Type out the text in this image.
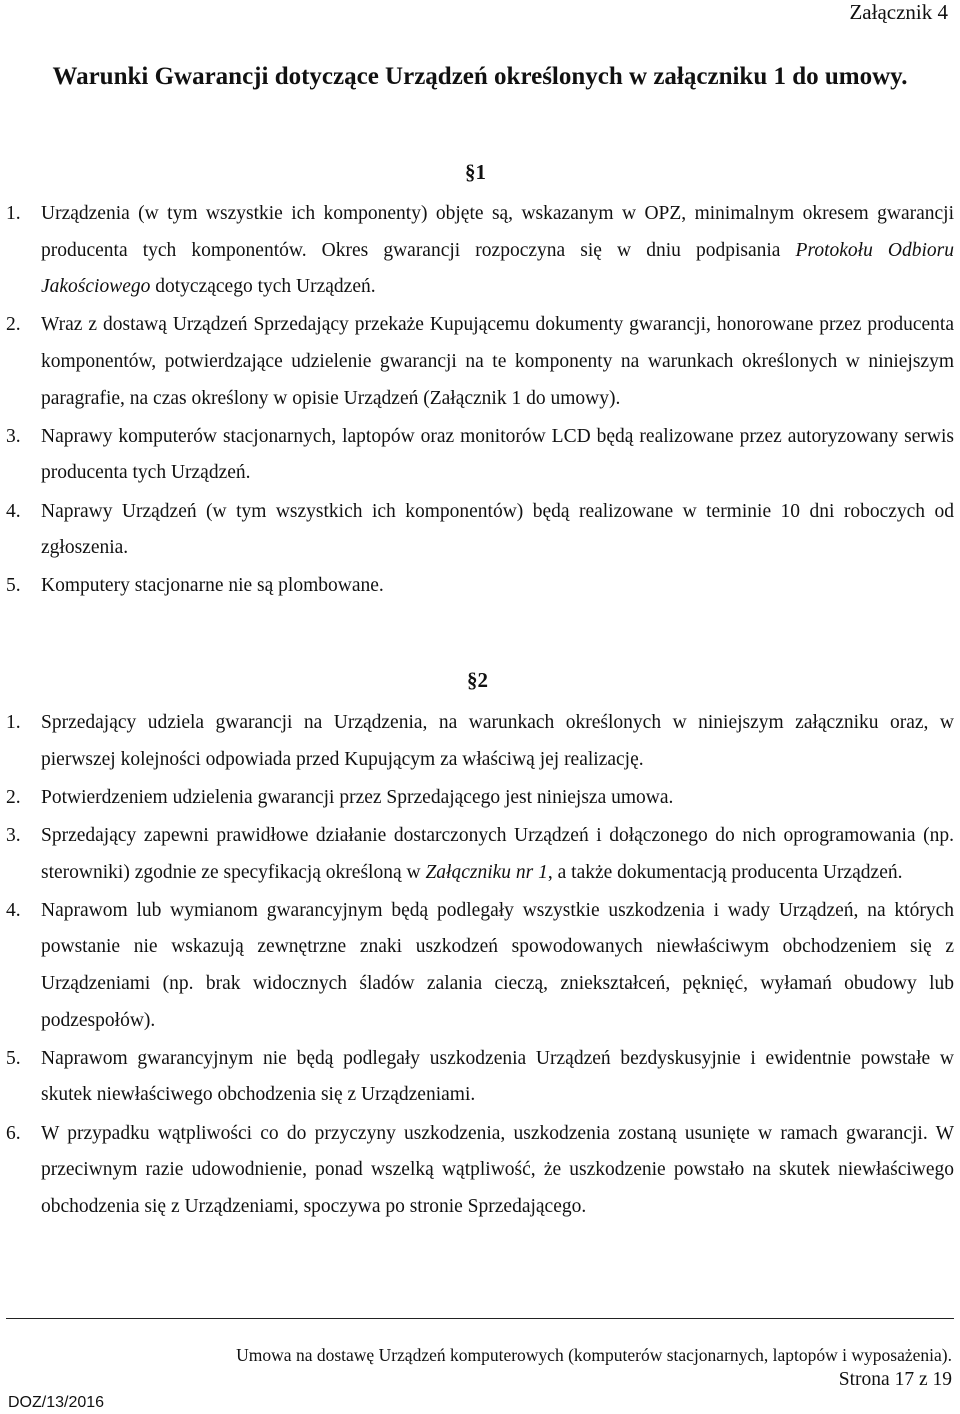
Załącznik 4
Warunki Gwarancji dotyczące Urządzeń określonych w załączniku 1 do umowy.
§1
1. Urządzenia (w tym wszystkie ich komponenty) objęte są, wskazanym w OPZ, minimalnym okresem gwarancji producenta tych komponentów. Okres gwarancji rozpoczyna się w dniu podpisania Protokołu Odbioru Jakościowego dotyczącego tych Urządzeń.
2. Wraz z dostawą Urządzeń Sprzedający przekaże Kupującemu dokumenty gwarancji, honorowane przez producenta komponentów, potwierdzające udzielenie gwarancji na te komponenty na warunkach określonych w niniejszym paragrafie, na czas określony w opisie Urządzeń (Załącznik 1 do umowy).
3. Naprawy komputerów stacjonarnych, laptopów oraz monitorów LCD będą realizowane przez autoryzowany serwis producenta tych Urządzeń.
4. Naprawy Urządzeń (w tym wszystkich ich komponentów) będą realizowane w terminie 10 dni roboczych od zgłoszenia.
5. Komputery stacjonarne nie są plombowane.
§2
1. Sprzedający udziela gwarancji na Urządzenia, na warunkach określonych w niniejszym załączniku oraz, w pierwszej kolejności odpowiada przed Kupującym za właściwą jej realizację.
2. Potwierdzeniem udzielenia gwarancji przez Sprzedającego jest niniejsza umowa.
3. Sprzedający zapewni prawidłowe działanie dostarczonych Urządzeń i dołączonego do nich oprogramowania (np. sterowniki) zgodnie ze specyfikacją określoną w Załączniku nr 1, a także dokumentacją producenta Urządzeń.
4. Naprawom lub wymianom gwarancyjnym będą podlegały wszystkie uszkodzenia i wady Urządzeń, na których powstanie nie wskazują zewnętrzne znaki uszkodzeń spowodowanych niewłaściwym obchodzeniem się z Urządzeniami (np. brak widocznych śladów zalania cieczą, zniekształceń, pęknięć, wyłamań obudowy lub podzespołów).
5. Naprawom gwarancyjnym nie będą podlegały uszkodzenia Urządzeń bezdyskusyjnie i ewidentnie powstałe w skutek niewłaściwego obchodzenia się z Urządzeniami.
6. W przypadku wątpliwości co do przyczyny uszkodzenia, uszkodzenia zostaną usunięte w ramach gwarancji. W przeciwnym razie udowodnienie, ponad wszelką wątpliwość, że uszkodzenie powstało na skutek niewłaściwego obchodzenia się z Urządzeniami, spoczywa po stronie Sprzedającego.
Umowa na dostawę Urządzeń komputerowych (komputerów stacjonarnych, laptopów i wyposażenia).
Strona 17 z 19
DOZ/13/2016
